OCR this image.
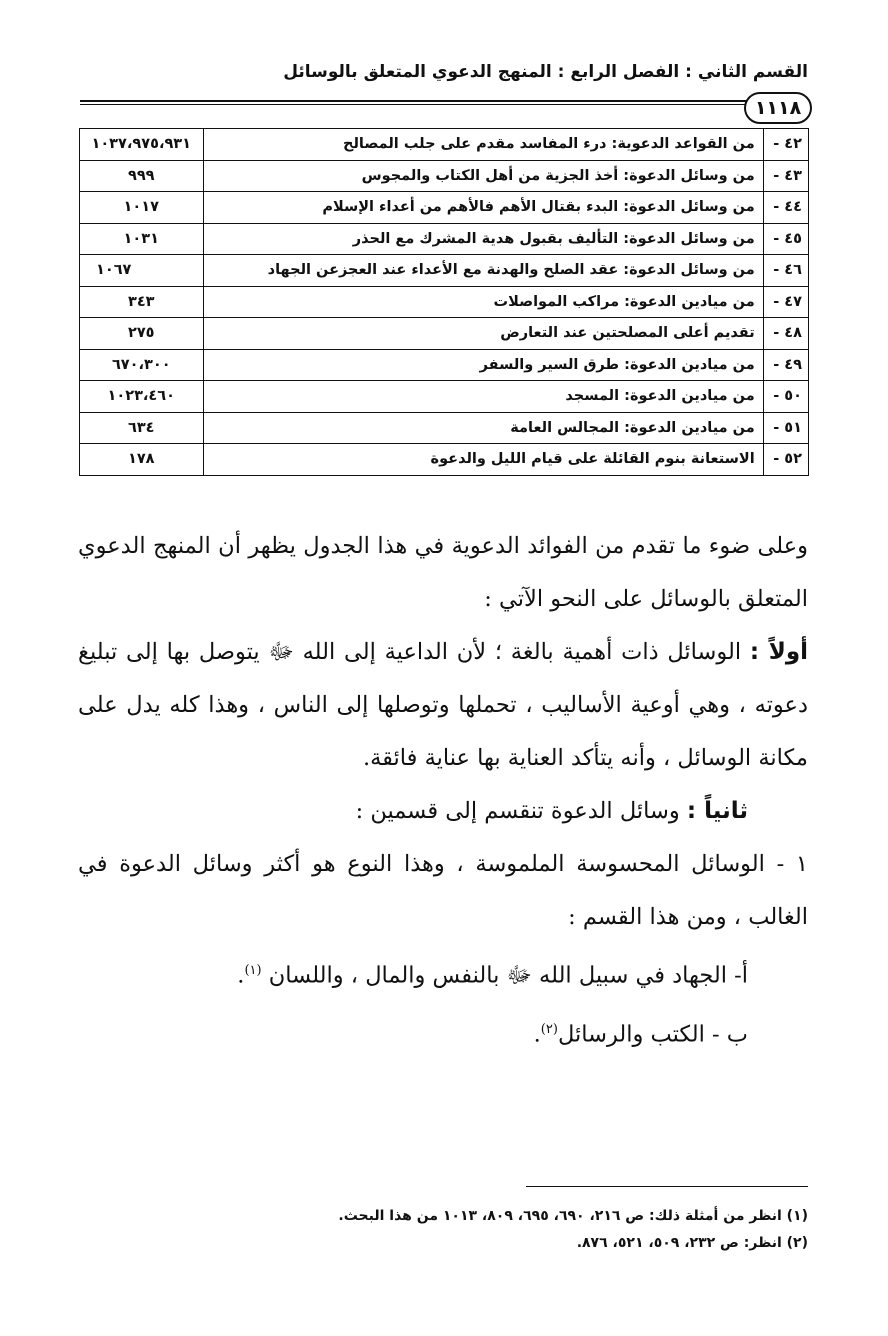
القسم الثاني : الفصل الرابع : المنهج الدعوي المتعلق بالوسائل
١١١٨
٤٢ -	من القواعد الدعوية: درء المفاسد مقدم على جلب المصالح	١٠٣٧،٩٧٥،٩٣١
٤٣ -	من وسائل الدعوة: أخذ الجزية من أهل الكتاب والمجوس	٩٩٩
٤٤ -	من وسائل الدعوة: البدء بقتال الأهم فالأهم من أعداء الإسلام	١٠١٧
٤٥ -	من وسائل الدعوة: التأليف بقبول هدية المشرك مع الحذر	١٠٣١
٤٦ -	من وسائل الدعوة: عقد الصلح والهدنة مع الأعداء عند العجزعن الجهاد	١٠٦٧
٤٧ -	من ميادين الدعوة: مراكب المواصلات	٣٤٣
٤٨ -	تقديم أعلى المصلحتين عند التعارض	٢٧٥
٤٩ -	من ميادين الدعوة: طرق السير والسفر	٦٧٠،٣٠٠
٥٠ -	من ميادين الدعوة: المسجد	١٠٢٣،٤٦٠
٥١ -	من ميادين الدعوة: المجالس العامة	٦٣٤
٥٢ -	الاستعانة بنوم القائلة على قيام الليل والدعوة	١٧٨

وعلى ضوء ما تقدم من الفوائد الدعوية في هذا الجدول يظهر أن المنهج الدعوي المتعلق بالوسائل على النحو الآتي :

أولاً : الوسائل ذات أهمية بالغة ؛ لأن الداعية إلى الله ﷻ يتوصل بها إلى تبليغ دعوته ، وهي أوعية الأساليب ، تحملها وتوصلها إلى الناس ، وهذا كله يدل على مكانة الوسائل ، وأنه يتأكد العناية بها عناية فائقة.

ثانياً : وسائل الدعوة تنقسم إلى قسمين :

١ - الوسائل المحسوسة الملموسة ، وهذا النوع هو أكثر وسائل الدعوة في الغالب ، ومن هذا القسم :

أ- الجهاد في سبيل الله ﷻ بالنفس والمال ، واللسان $^{(١)}$.

ب - الكتب والرسائل$^{(٢)}$.

(١) انظر من أمثلة ذلك: ص ٢١٦، ٦٩٠، ٦٩٥، ٨٠٩، ١٠١٣ من هذا البحث.
(٢) انظر: ص ٢٣٢، ٥٠٩، ٥٢١، ٨٧٦.
